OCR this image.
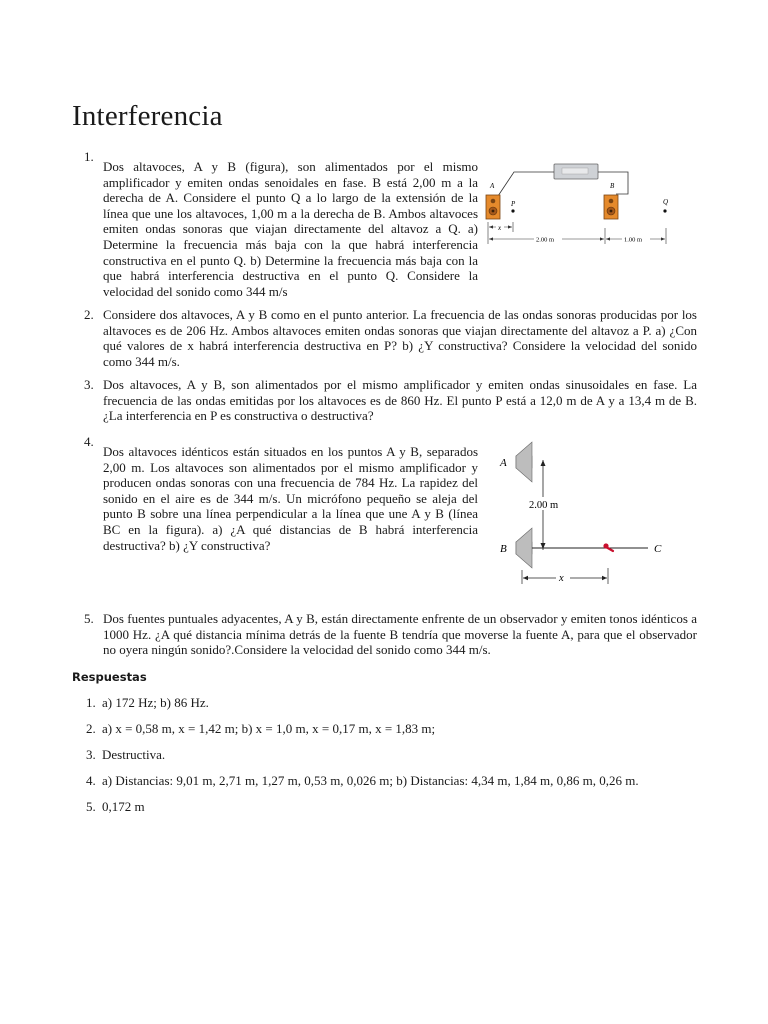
Interferencia
1.
Dos altavoces, A y B (figura), son alimentados por el mismo amplificador y emiten ondas senoidales en fase. B está 2,00 m a la derecha de A. Considere el punto Q a lo largo de la extensión de la línea que une los altavoces, 1,00 m a la derecha de B. Ambos altavoces emiten ondas sonoras que viajan directamente del altavoz a Q. a) Determine la frecuencia más baja con la que habrá interferencia constructiva en el punto Q. b) Determine la frecuencia más baja con la que habrá interferencia destructiva en el punto Q. Considere la velocidad del sonido como 344 m/s
A	B
P	Q
x
2.00 m	1.00 m
2. Considere dos altavoces, A y B como en el punto anterior. La frecuencia de las ondas sonoras producidas por los altavoces es de 206 Hz. Ambos altavoces emiten ondas sonoras que viajan directamente del altavoz a P. a) ¿Con qué valores de x habrá interferencia destructiva en P? b) ¿Y constructiva? Considere la velocidad del sonido como 344 m/s.
3. Dos altavoces, A y B, son alimentados por el mismo amplificador y emiten ondas sinusoidales en fase. La frecuencia de las ondas emitidas por los altavoces es de 860 Hz. El punto P está a 12,0 m de A y a 13,4 m de B. ¿La interferencia en P es constructiva o destructiva?
4.
Dos altavoces idénticos están situados en los puntos A y B, separados 2,00 m. Los altavoces son alimentados por el mismo amplificador y producen ondas sonoras con una frecuencia de 784 Hz. La rapidez del sonido en el aire es de 344 m/s. Un micrófono pequeño se aleja del punto B sobre una línea perpendicular a la línea que une A y B (línea BC en la figura). a) ¿A qué distancias de B habrá interferencia destructiva? b) ¿Y constructiva?
A
B
2.00 m
C
x
5. Dos fuentes puntuales adyacentes, A y B, están directamente enfrente de un observador y emiten tonos idénticos a 1000 Hz. ¿A qué distancia mínima detrás de la fuente B tendría que moverse la fuente A, para que el observador no oyera ningún sonido?.Considere la velocidad del sonido como 344 m/s.
Respuestas
1. a) 172 Hz; b) 86 Hz.
2. a) x = 0,58 m, x = 1,42 m; b) x = 1,0 m, x = 0,17 m, x = 1,83 m;
3. Destructiva.
4. a) Distancias: 9,01 m, 2,71 m, 1,27 m, 0,53 m, 0,026 m; b) Distancias: 4,34 m, 1,84 m, 0,86 m, 0,26 m.
5. 0,172 m
